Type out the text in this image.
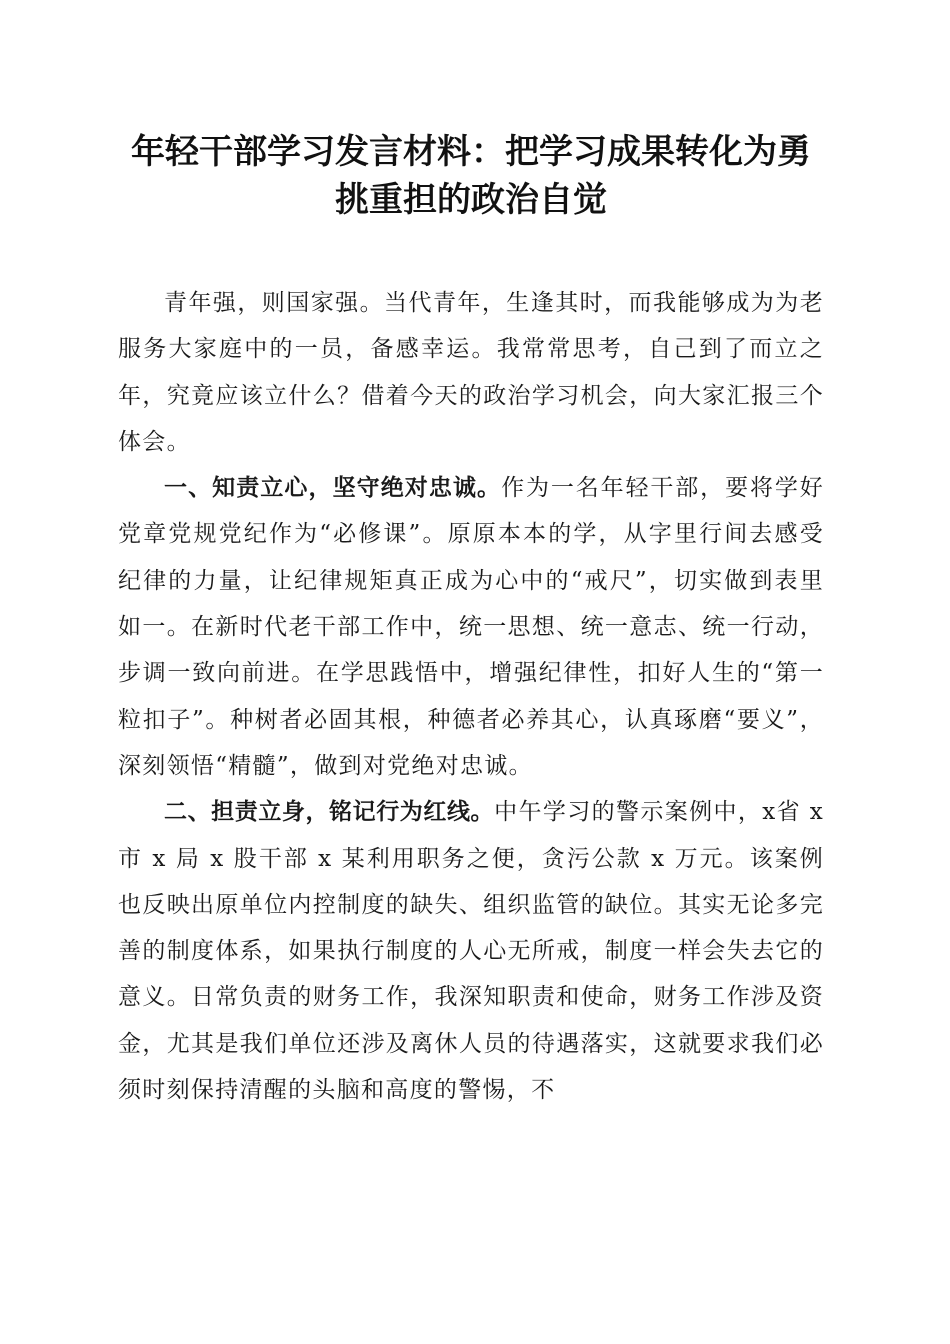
年轻干部学习发言材料：把学习成果转化为勇挑重担的政治自觉

青年强，则国家强。当代青年，生逢其时，而我能够成为为老服务大家庭中的一员，备感幸运。我常常思考，自己到了而立之年，究竟应该立什么？借着今天的政治学习机会，向大家汇报三个体会。

一、知责立心，坚守绝对忠诚。作为一名年轻干部，要将学好党章党规党纪作为“必修课”。原原本本的学，从字里行间去感受纪律的力量，让纪律规矩真正成为心中的“戒尺”，切实做到表里如一。在新时代老干部工作中，统一思想、统一意志、统一行动，步调一致向前进。在学思践悟中，增强纪律性，扣好人生的“第一粒扣子”。种树者必固其根，种德者必养其心，认真琢磨“要义”，深刻领悟“精髓”，做到对党绝对忠诚。

二、担责立身，铭记行为红线。中午学习的警示案例中，x省 x 市 x 局 x 股干部 x 某利用职务之便，贪污公款 x 万元。该案例也反映出原单位内控制度的缺失、组织监管的缺位。其实无论多完善的制度体系，如果执行制度的人心无所戒，制度一样会失去它的意义。日常负责的财务工作，我深知职责和使命，财务工作涉及资金，尤其是我们单位还涉及离休人员的待遇落实，这就要求我们必须时刻保持清醒的头脑和高度的警惕，不
